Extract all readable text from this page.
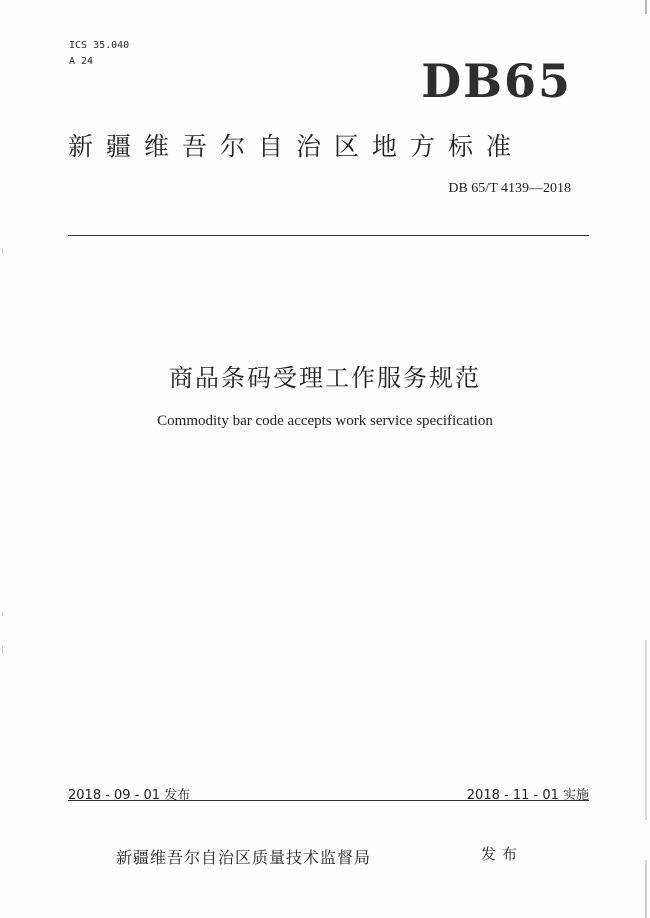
ICS 35.040
A 24	DB65
新疆维吾尔自治区地方标准
DB 65/T 4139—2018
商品条码受理工作服务规范
Commodity bar code accepts work service specification
2018 - 09 - 01 发布	2018 - 11 - 01 实施
新疆维吾尔自治区质量技术监督局	发布
